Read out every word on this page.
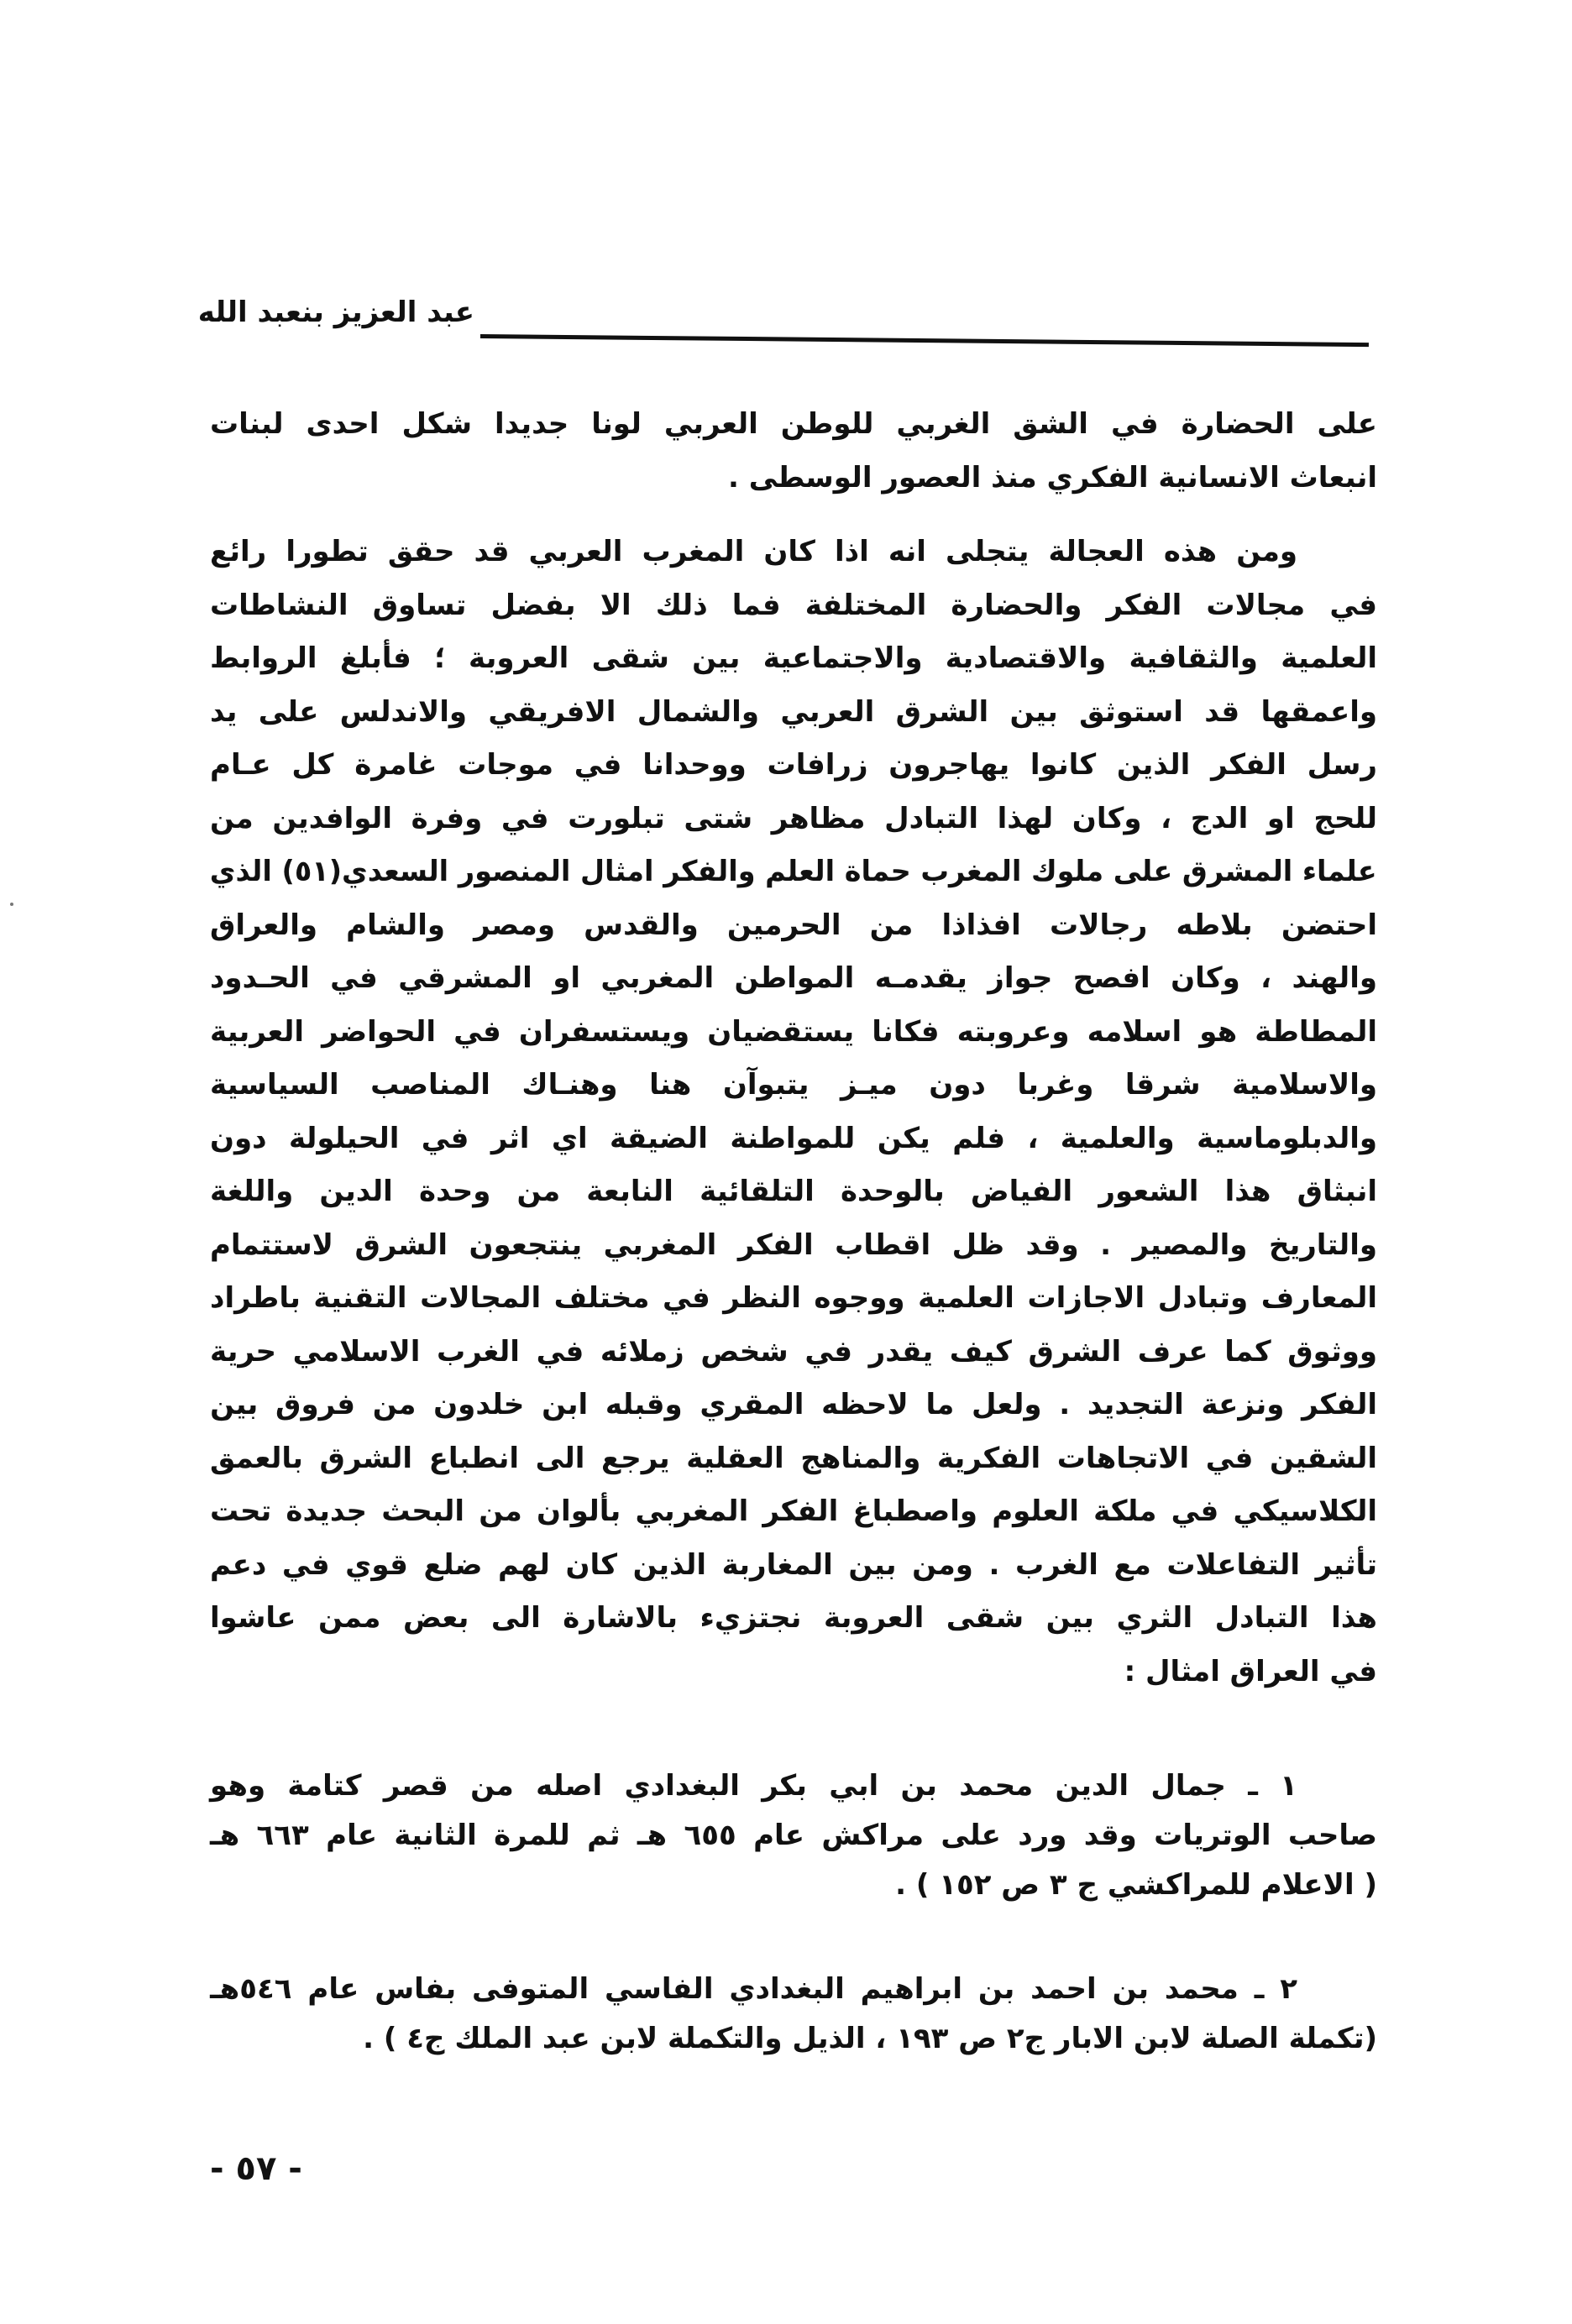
عبد العزيز بنعبد الله
على الحضارة في الشق الغربي للوطن العربي لونا جديدا شكل احدى لبنات
انبعاث الانسانية الفكري منذ العصور الوسطى .
ومن هذه العجالة يتجلى انه اذا كان المغرب العربي قد حقق تطورا رائع
في مجالات الفكر والحضارة المختلفة فما ذلك الا بفضل تساوق النشاطات
العلمية والثقافية والاقتصادية والاجتماعية بين شقى العروبة ؛ فأبلغ الروابط
واعمقها قد استوثق بين الشرق العربي والشمال الافريقي والاندلس على يد
رسل الفكر الذين كانوا يهاجرون زرافات ووحدانا في موجات غامرة كل عـام
للحج او الدج ، وكان لهذا التبادل مظاهر شتى تبلورت في وفرة الوافدين من
علماء المشرق على ملوك المغرب حماة العلم والفكر امثال المنصور السعدي(٥١) الذي
احتضن بلاطه رجالات افذاذا من الحرمين والقدس ومصر والشام والعراق
والهند ، وكان افصح جواز يقدمـه المواطن المغربي او المشرقي في الحـدود
المطاطة هو اسلامه وعروبته فكانا يستقضيان ويستسفران في الحواضر العربية
والاسلامية شرقا وغربا دون ميـز يتبوآن هنا وهنـاك المناصب السياسية
والدبلوماسية والعلمية ، فلم يكن للمواطنة الضيقة اي اثر في الحيلولة دون
انبثاق هذا الشعور الفياض بالوحدة التلقائية النابعة من وحدة الدين واللغة
والتاريخ والمصير . وقد ظل اقطاب الفكر المغربي ينتجعون الشرق لاستتمام
المعارف وتبادل الاجازات العلمية ووجوه النظر في مختلف المجالات التقنية باطراد
ووثوق كما عرف الشرق كيف يقدر في شخص زملائه في الغرب الاسلامي حرية
الفكر ونزعة التجديد . ولعل ما لاحظه المقري وقبله ابن خلدون من فروق بين
الشقين في الاتجاهات الفكرية والمناهج العقلية يرجع الى انطباع الشرق بالعمق
الكلاسيكي في ملكة العلوم واصطباغ الفكر المغربي بألوان من البحث جديدة تحت
تأثير التفاعلات مع الغرب . ومن بين المغاربة الذين كان لهم ضلع قوي في دعم
هذا التبادل الثري بين شقى العروبة نجتزيء بالاشارة الى بعض ممن عاشوا
في العراق امثال :
١ ـ جمال الدين محمد بن ابي بكر البغدادي اصله من قصر كتامة وهو
صاحب الوتريات وقد ورد على مراكش عام ٦٥٥ هـ ثم للمرة الثانية عام ٦٦٣ هـ
( الاعلام للمراكشي ج ٣ ص ١٥٢ ) .
٢ ـ محمد بن احمد بن ابراهيم البغدادي الفاسي المتوفى بفاس عام ٥٤٦هـ
(تكملة الصلة لابن الابار ج٢ ص ١٩٣ ، الذيل والتكملة لابن عبد الملك ج٤ ) .
- ٥٧ -
